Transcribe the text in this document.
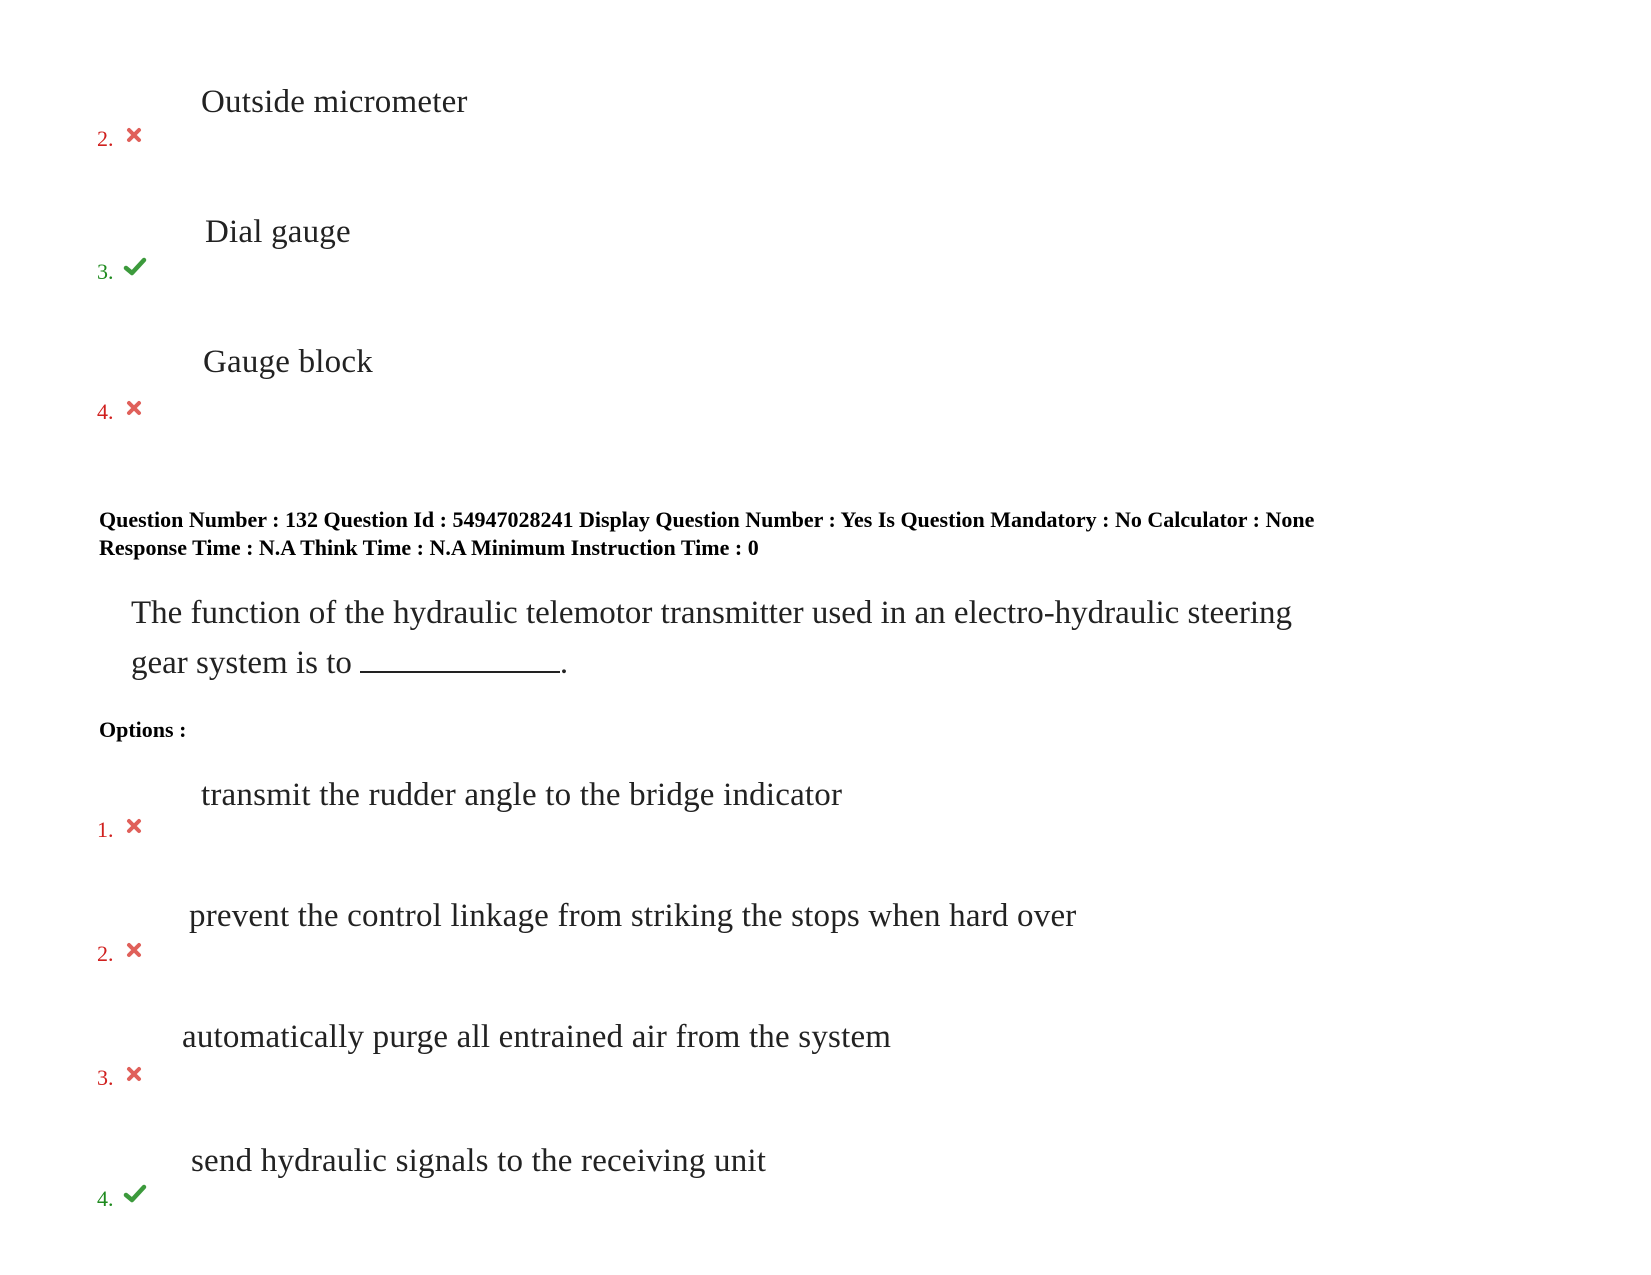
Outside micrometer
2.
Dial gauge
3.
Gauge block
4.
Question Number : 132 Question Id : 54947028241 Display Question Number : Yes Is Question Mandatory : No Calculator : None
Response Time : N.A Think Time : N.A Minimum Instruction Time : 0
The function of the hydraulic telemotor transmitter used in an electro-hydraulic steering
gear system is to	.
Options :
transmit the rudder angle to the bridge indicator
1.
prevent the control linkage from striking the stops when hard over
2.
automatically purge all entrained air from the system
3.
send hydraulic signals to the receiving unit
4.
